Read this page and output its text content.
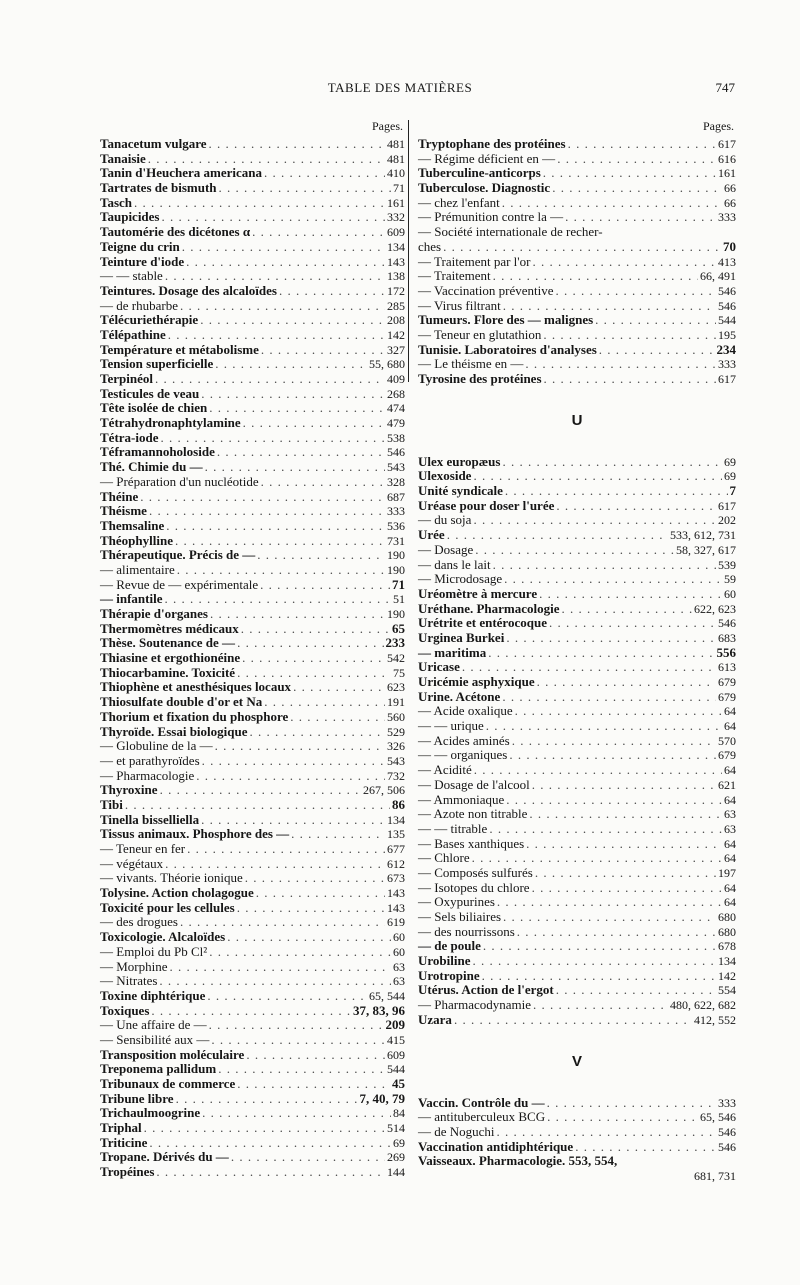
TABLE DES MATIÈRES	747
Pages.
Tanacetum vulgare . . .	481
Tanaisie . . .	481
Tanin d'Heuchera americana . . .	410
Tartrates de bismuth . . .	71
Tasch . . .	161
Taupicides . . .	332
Tautomérie des dicétones α . . .	609
Teigne du crin . . .	134
Teinture d'iode . . .	143
— — stable . . .	138
Teintures. Dosage des alcaloïdes . . .	172
— de rhubarbe . . .	285
Télécuriethérapie . . .	208
Télépathine . . .	142
Température et métabolisme . . .	327
Tension superficielle . . .	55, 680
Terpinéol . . .	409
Testicules de veau . . .	268
Tête isolée de chien . . .	474
Tétrahydronaphtylamine . . .	479
Tétra-iode . . .	538
Téframannoholoside . . .	546
Thé. Chimie du — . . .	543
— Préparation d'un nucléotide . . .	328
Théine . . .	687
Théisme . . .	333
Themsaline . . .	536
Théophylline . . .	731
Thérapeutique. Précis de — . . .	190
— alimentaire . . .	190
— Revue de — expérimentale . . .	71
— infantile . . .	51
Thérapie d'organes . . .	190
Thermomètres médicaux . . .	65
Thèse. Soutenance de — . . .	233
Thiasine et ergothionéine . . .	542
Thiocarbamine. Toxicité . . .	75
Thiophène et anesthésiques locaux . . .	623
Thiosulfate double d'or et Na . . .	191
Thorium et fixation du phosphore . . .	560
Thyroïde. Essai biologique . . .	529
— Globuline de la — . . .	326
— et parathyroïdes . . .	543
— Pharmacologie . . .	732
Thyroxine . . .	267, 506
Tibi . . .	86
Tinella bisselliella . . .	134
Tissus animaux. Phosphore des — . . .	135
— Teneur en fer . . .	677
— végétaux . . .	612
— vivants. Théorie ionique . . .	673
Tolysine. Action cholagogue . . .	143
Toxicité pour les cellules . . .	143
— des drogues . . .	619
Toxicologie. Alcaloïdes . . .	60
— Emploi du Pb Cl² . . .	60
— Morphine . . .	63
— Nitrates . . .	63
Toxine diphtérique . . .	65, 544
Toxiques . . .	37, 83, 96
— Une affaire de — . . .	209
— Sensibilité aux — . . .	415
Transposition moléculaire . . .	609
Treponema pallidum . . .	544
Tribunaux de commerce . . .	45
Tribune libre . . .	7, 40, 79
Trichaulmoogrine . . .	84
Triphal . . .	514
Triticine . . .	69
Tropane. Dérivés du — . . .	269
Tropéines . . .	144
Pages.
Tryptophane des protéines . . .	617
— Régime déficient en — . . .	616
Tuberculine-anticorps . . .	161
Tuberculose. Diagnostic . . .	66
— chez l'enfant . . .	66
— Prémunition contre la — . . .	333
— Société internationale de recher-
ches . . .	70
— Traitement par l'or . . .	413
— Traitement . . .	66, 491
— Vaccination préventive . . .	546
— Virus filtrant . . .	546
Tumeurs. Flore des — malignes . . .	544
— Teneur en glutathion . . .	195
Tunisie. Laboratoires d'analyses . . .	234
— Le théisme en — . . .	333
Tyrosine des protéines . . .	617
U
Ulex europæus . . .	69
Ulexoside . . .	69
Unité syndicale . . .	7
Uréase pour doser l'urée . . .	617
— du soja . . .	202
Urée . . .	533, 612, 731
— Dosage . . .	58, 327, 617
— dans le lait . . .	539
— Microdosage . . .	59
Uréomètre à mercure . . .	60
Uréthane. Pharmacologie . . .	622, 623
Urétrite et entérocoque . . .	546
Urginea Burkei . . .	683
— maritima . . .	556
Uricase . . .	613
Uricémie asphyxique . . .	679
Urine. Acétone . . .	679
— Acide oxalique . . .	64
— — urique . . .	64
— Acides aminés . . .	570
— — organiques . . .	679
— Acidité . . .	64
— Dosage de l'alcool . . .	621
— Ammoniaque . . .	64
— Azote non titrable . . .	63
— — titrable . . .	63
— Bases xanthiques . . .	64
— Chlore . . .	64
— Composés sulfurés . . .	197
— Isotopes du chlore . . .	64
— Oxypurines . . .	64
— Sels biliaires . . .	680
— des nourrissons . . .	680
— de poule . . .	678
Urobiline . . .	134
Urotropine . . .	142
Utérus. Action de l'ergot . . .	554
— Pharmacodynamie . . .	480, 622, 682
Uzara . . .	412, 552
V
Vaccin. Contrôle du — . . .	333
— antituberculeux BCG . . .	65, 546
— de Noguchi . . .	546
Vaccination antidiphtérique . . .	546
Vaisseaux. Pharmacologie. 553, 554,
681, 731
